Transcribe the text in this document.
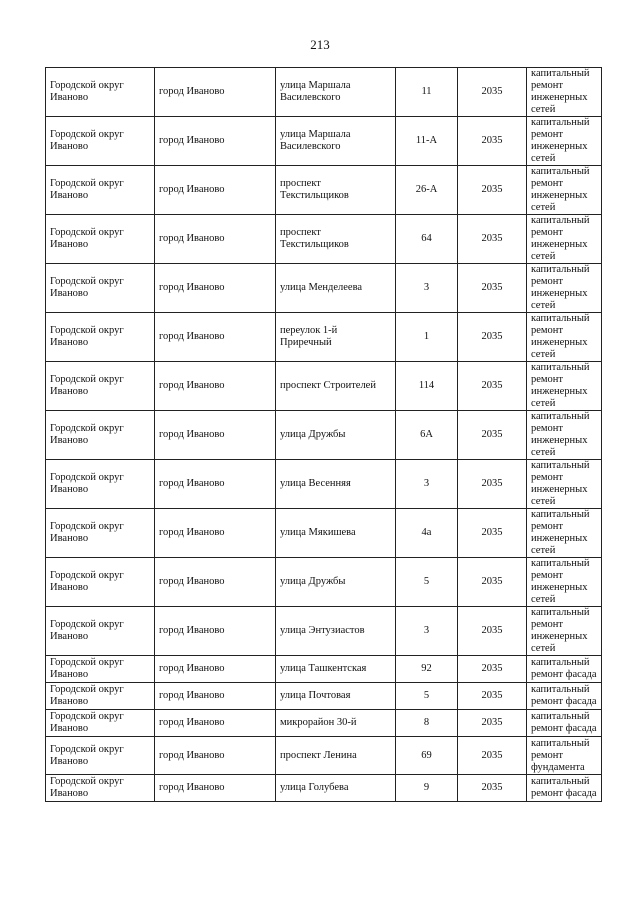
213
Городской округ Иваново	город Иваново	улица Маршала Василевского	11	2035	капитальный ремонт инженерных сетей
Городской округ Иваново	город Иваново	улица Маршала Василевского	11-А	2035	капитальный ремонт инженерных сетей
Городской округ Иваново	город Иваново	проспект Текстильщиков	26-А	2035	капитальный ремонт инженерных сетей
Городской округ Иваново	город Иваново	проспект Текстильщиков	64	2035	капитальный ремонт инженерных сетей
Городской округ Иваново	город Иваново	улица Менделеева	3	2035	капитальный ремонт инженерных сетей
Городской округ Иваново	город Иваново	переулок 1-й Приречный	1	2035	капитальный ремонт инженерных сетей
Городской округ Иваново	город Иваново	проспект Строителей	114	2035	капитальный ремонт инженерных сетей
Городской округ Иваново	город Иваново	улица Дружбы	6А	2035	капитальный ремонт инженерных сетей
Городской округ Иваново	город Иваново	улица Весенняя	3	2035	капитальный ремонт инженерных сетей
Городской округ Иваново	город Иваново	улица Мякишева	4а	2035	капитальный ремонт инженерных сетей
Городской округ Иваново	город Иваново	улица Дружбы	5	2035	капитальный ремонт инженерных сетей
Городской округ Иваново	город Иваново	улица Энтузиастов	3	2035	капитальный ремонт инженерных сетей
Городской округ Иваново	город Иваново	улица Ташкентская	92	2035	капитальный ремонт фасада
Городской округ Иваново	город Иваново	улица Почтовая	5	2035	капитальный ремонт фасада
Городской округ Иваново	город Иваново	микрорайон 30-й	8	2035	капитальный ремонт фасада
Городской округ Иваново	город Иваново	проспект Ленина	69	2035	капитальный ремонт фундамента
Городской округ Иваново	город Иваново	улица Голубева	9	2035	капитальный ремонт фасада
